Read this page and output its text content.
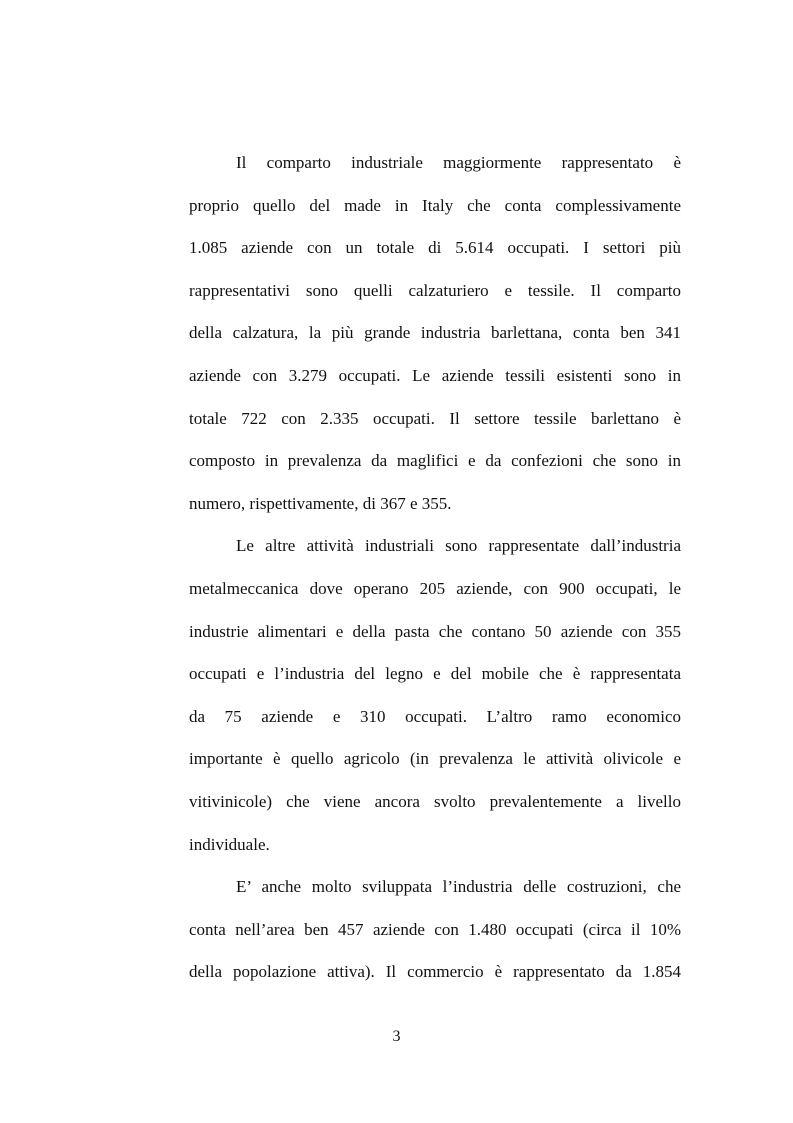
Il comparto industriale maggiormente rappresentato è
proprio quello del made in Italy che conta complessivamente
1.085 aziende con un totale di 5.614 occupati. I settori più
rappresentativi sono quelli calzaturiero e tessile. Il comparto
della calzatura, la più grande industria barlettana, conta ben 341
aziende con 3.279 occupati. Le aziende tessili esistenti sono in
totale 722 con 2.335 occupati. Il settore tessile barlettano è
composto in prevalenza da maglifici e da confezioni che sono in
numero, rispettivamente, di 367 e 355.
Le altre attività industriali sono rappresentate dall’industria
metalmeccanica dove operano 205 aziende, con 900 occupati, le
industrie alimentari e della pasta che contano 50 aziende con 355
occupati e l’industria del legno e del mobile che è rappresentata
da 75 aziende e 310 occupati. L’altro ramo economico
importante è quello agricolo (in prevalenza le attività olivicole e
vitivinicole) che viene ancora svolto prevalentemente a livello
individuale.
E’ anche molto sviluppata l’industria delle costruzioni, che
conta nell’area ben 457 aziende con 1.480 occupati (circa il 10%
della popolazione attiva). Il commercio è rappresentato da 1.854
3
